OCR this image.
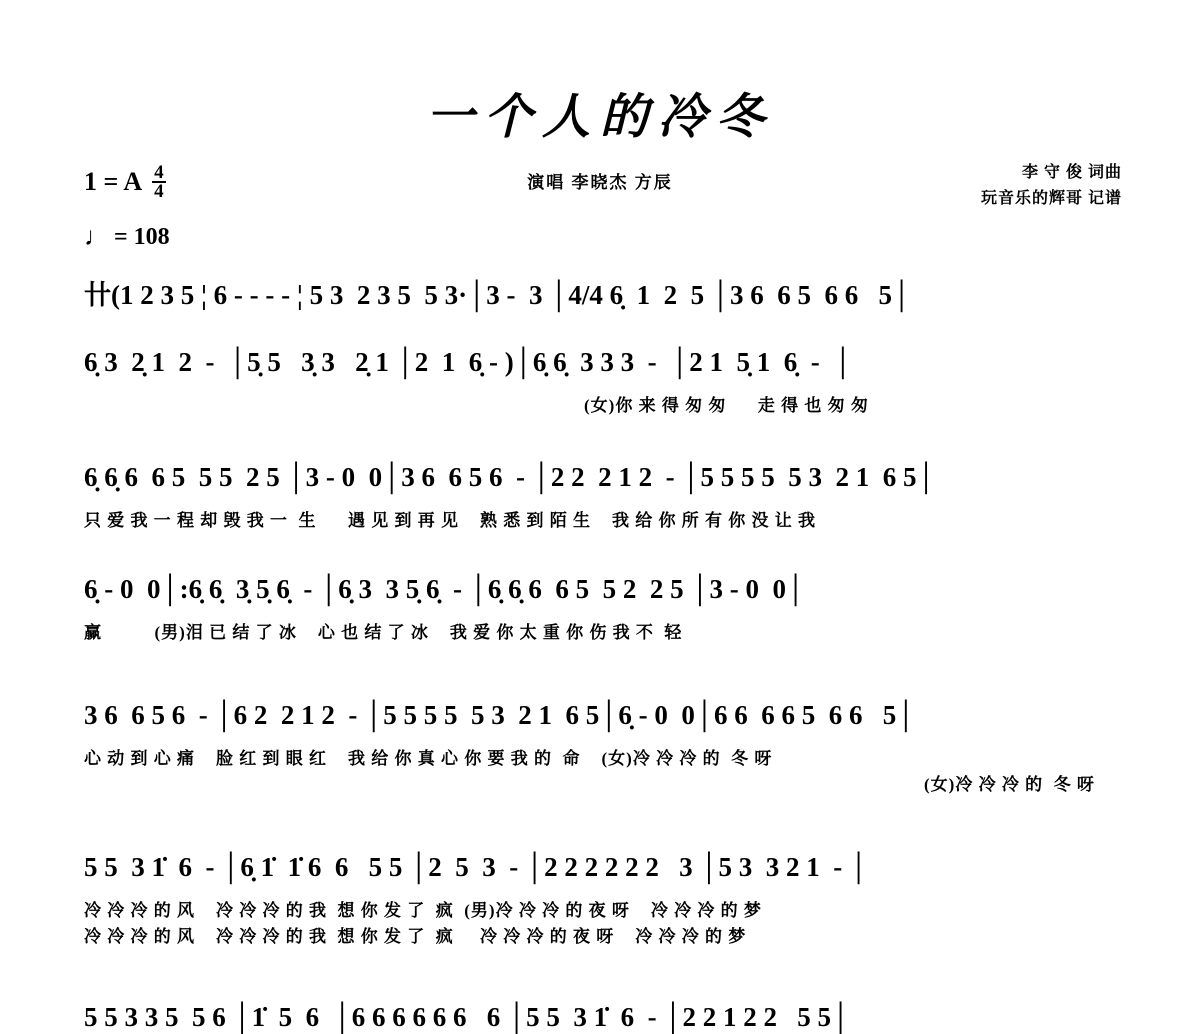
一个人的冷冬
演唱 李晓杰 方辰
李 守 俊 词曲
玩音乐的辉哥 记谱
1 = A $\frac{4}{4}$
♩ = 108
卄(1 2 3 5 ¦ 6 - - - - ¦ 5 3  2 3 5  5 3·│3 -  3 │4/4 6̣  1  2  5 │3 6  6 5  6 6   5│
6̣ 3  2̣ 1  2  -  │5̣ 5   3̣ 3   2̣ 1 │2  1  6̣ - )│6̣ 6̣  3 3 3  -  │2 1  5̣ 1  6̣  -  │
(女)你 来 得 匆 匆      走 得 也 匆 匆
6̣ 6̣ 6  6 5  5 5  2 5 │3 - 0  0│3 6  6 5 6  - │2 2  2 1 2  - │5 5 5 5  5 3  2 1  6 5│
只 爱 我 一 程 却 毁 我 一  生      遇 见 到 再 见    熟 悉 到 陌 生    我 给 你 所 有 你 没 让 我
6̣ - 0  0│:6̣ 6̣  3̣ 5̣ 6̣  - │6̣ 3  3 5̣ 6̣  - │6̣ 6̣ 6  6 5  5 2  2 5 │3 - 0  0│
赢          (男)泪 已 结 了 冰    心 也 结 了 冰    我 爱 你 太 重 你 伤 我 不  轻
3 6  6 5 6  - │6 2  2 1 2  - │5 5 5 5  5 3  2 1  6 5│6̣ - 0  0│6 6  6 6 5  6 6   5│
心 动 到 心 痛    脸 红 到 眼 红    我 给 你 真 心 你 要 我 的  命    (女)冷 冷 冷 的  冬 呀
(女)冷 冷 冷 的  冬 呀
5 5  3 1̇  6  - │6̣ 1̇  1̇ 6  6   5 5 │2  5  3  - │2 2 2 2 2 2   3 │5 3  3 2 1  - │
冷 冷 冷 的 风    冷 冷 冷 的 我  想 你 发 了  疯  (男)冷 冷 冷 的 夜 呀    冷 冷 冷 的 梦
冷 冷 冷 的 风    冷 冷 冷 的 我  想 你 发 了  疯     冷 冷 冷 的 夜 呀    冷 冷 冷 的 梦
5 5 3 3 5  5 6 │1̇  5  6  │6 6 6 6 6 6   6 │5 5  3 1̇  6  - │2 2 1 2 2   5 5│
